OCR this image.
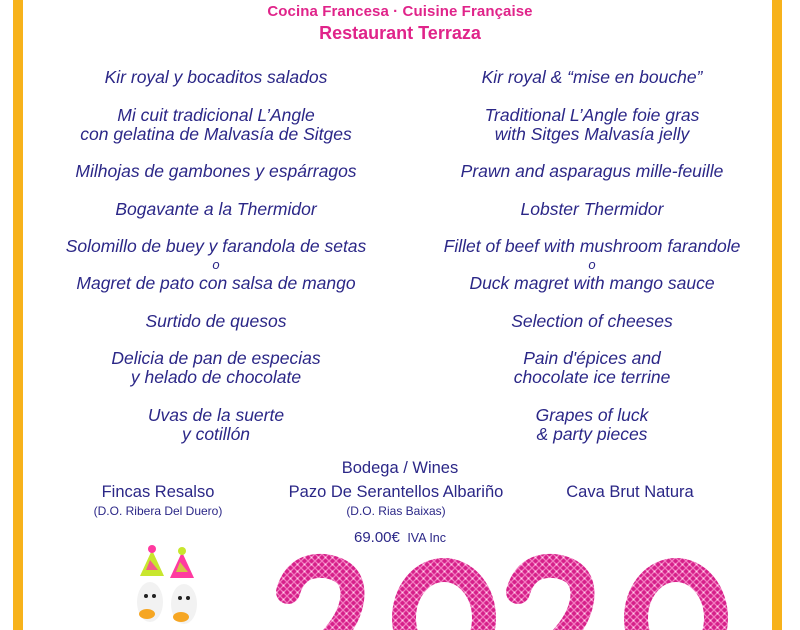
Cocina Francesa · Cuisine Française
Restaurant Terraza
Kir royal y bocaditos salados
Mi cuit tradicional L’Angle
con gelatina de Malvasía de Sitges
Milhojas de gambones y espárragos
Bogavante a la Thermidor
Solomillo de buey y farandola de setas
o
Magret de pato con salsa de mango
Surtido de quesos
Delicia de pan de especias
y helado de chocolate
Uvas de la suerte
y cotillón
Kir royal & “mise en bouche”
Traditional L’Angle foie gras
with Sitges Malvasía jelly
Prawn and asparagus mille-feuille
Lobster Thermidor
Fillet of beef with mushroom farandole
o
Duck magret with mango sauce
Selection of cheeses
Pain d'épices and
chocolate ice terrine
Grapes of luck
& party pieces
Bodega / Wines
Fincas Resalso
(D.O. Ribera Del Duero)
Pazo De Serantellos Albariño
(D.O. Rias Baixas)
Cava Brut Natura
69.00€ IVA Inc
